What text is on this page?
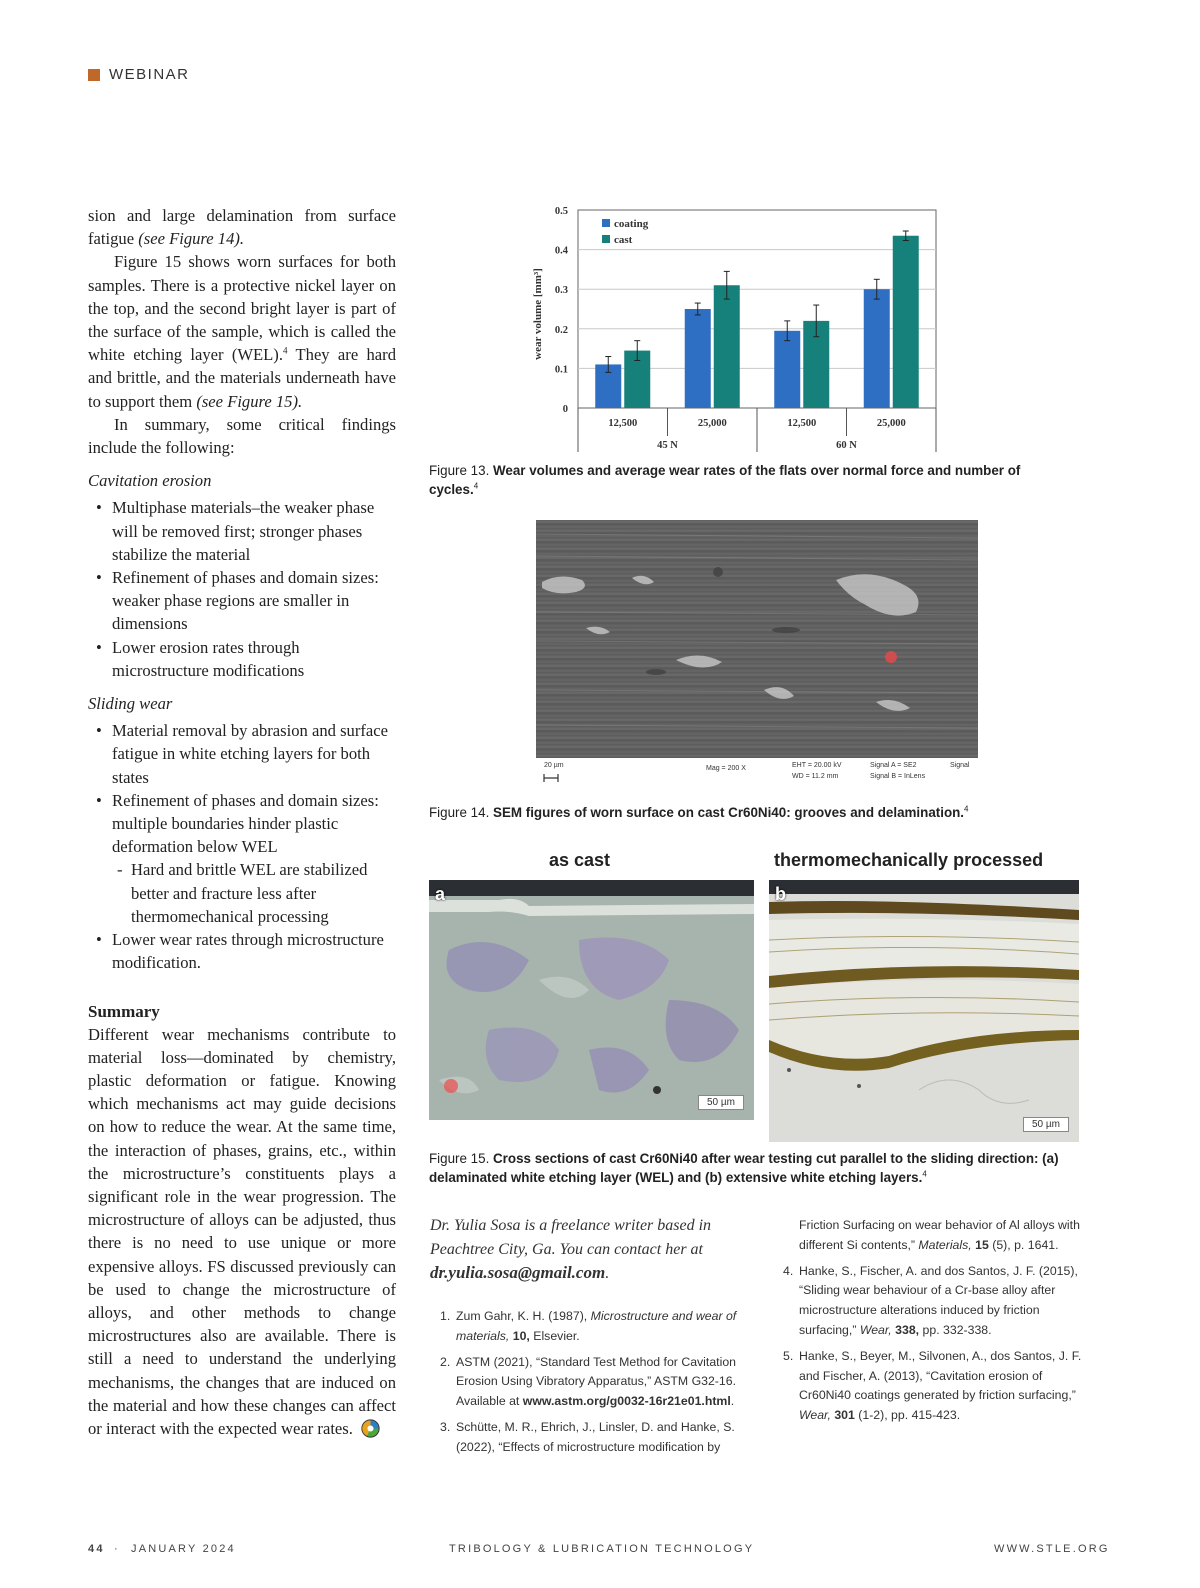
WEBINAR

sion and large delamination from surface fatigue (see Figure 14).

Figure 15 shows worn surfaces for both samples. There is a protective nickel layer on the top, and the second bright layer is part of the surface of the sample, which is called the white etching layer (WEL).$^4$ They are hard and brittle, and the materials underneath have to support them (see Figure 15).

In summary, some critical findings include the following:

Cavitation erosion
• Multiphase materials–the weaker phase will be removed first; stronger phases stabilize the material
• Refinement of phases and domain sizes: weaker phase regions are smaller in dimensions
• Lower erosion rates through microstructure modifications
Sliding wear
• Material removal by abrasion and surface fatigue in white etching layers for both states
• Refinement of phases and domain sizes: multiple boundaries hinder plastic deformation below WEL
- Hard and brittle WEL are stabilized better and fracture less after thermomechanical processing
• Lower wear rates through microstructure modification.
Summary

Different wear mechanisms contribute to material loss—dominated by chemistry, plastic deformation or fatigue. Knowing which mechanisms act may guide decisions on how to reduce the wear. At the same time, the interaction of phases, grains, etc., within the microstructure’s constituents plays a significant role in the wear progression. The microstructure of alloys can be adjusted, thus there is no need to use unique or more expensive alloys. FS discussed previously can be used to change the microstructure of alloys, and other methods to change microstructures also are available. There is still a need to understand the underlying mechanisms, the changes that are induced on the material and how these changes can affect or interact with the expected wear rates.

0
0.1
0.2
0.3
0.4
0.5
12,500	25,000	12,500	25,000
45 N	60 N
coating
cast
wear volume [mm³]
Figure 13. Wear volumes and average wear rates of the flats over normal force and number of cycles.$^4$
20 µm	Mag = 200 X	EHT = 20.00 kV
WD = 11.2 mm
Signal A = SE2
Signal B = InLens
Signal
Figure 14. SEM figures of worn surface on cast Cr60Ni40: grooves and delamination.$^4$
as cast	thermomechanically processed
a
50 µm
b
50 µm
Figure 15. Cross sections of cast Cr60Ni40 after wear testing cut parallel to the sliding direction: (a) delaminated white etching layer (WEL) and (b) extensive white etching layers.$^4$
Dr. Yulia Sosa is a freelance writer based in Peachtree City, Ga. You can contact her at dr.yulia.sosa@gmail.com.
1. Zum Gahr, K. H. (1987), Microstructure and wear of materials, 10, Elsevier.
2. ASTM (2021), “Standard Test Method for Cavitation Erosion Using Vibratory Apparatus,” ASTM G32-16. Available at www.astm.org/g0032-16r21e01.html.
3. Schütte, M. R., Ehrich, J., Linsler, D. and Hanke, S. (2022), “Effects of microstructure modification by
Friction Surfacing on wear behavior of Al alloys with different Si contents,” Materials, 15 (5), p. 1641.
4. Hanke, S., Fischer, A. and dos Santos, J. F. (2015), “Sliding wear behaviour of a Cr-base alloy after microstructure alterations induced by friction surfacing,” Wear, 338, pp. 332-338.
5. Hanke, S., Beyer, M., Silvonen, A., dos Santos, J. F. and Fischer, A. (2013), “Cavitation erosion of Cr60Ni40 coatings generated by friction surfacing,” Wear, 301 (1-2), pp. 415-423.
44 · JANUARY 2024	TRIBOLOGY & LUBRICATION TECHNOLOGY	WWW.STLE.ORG
